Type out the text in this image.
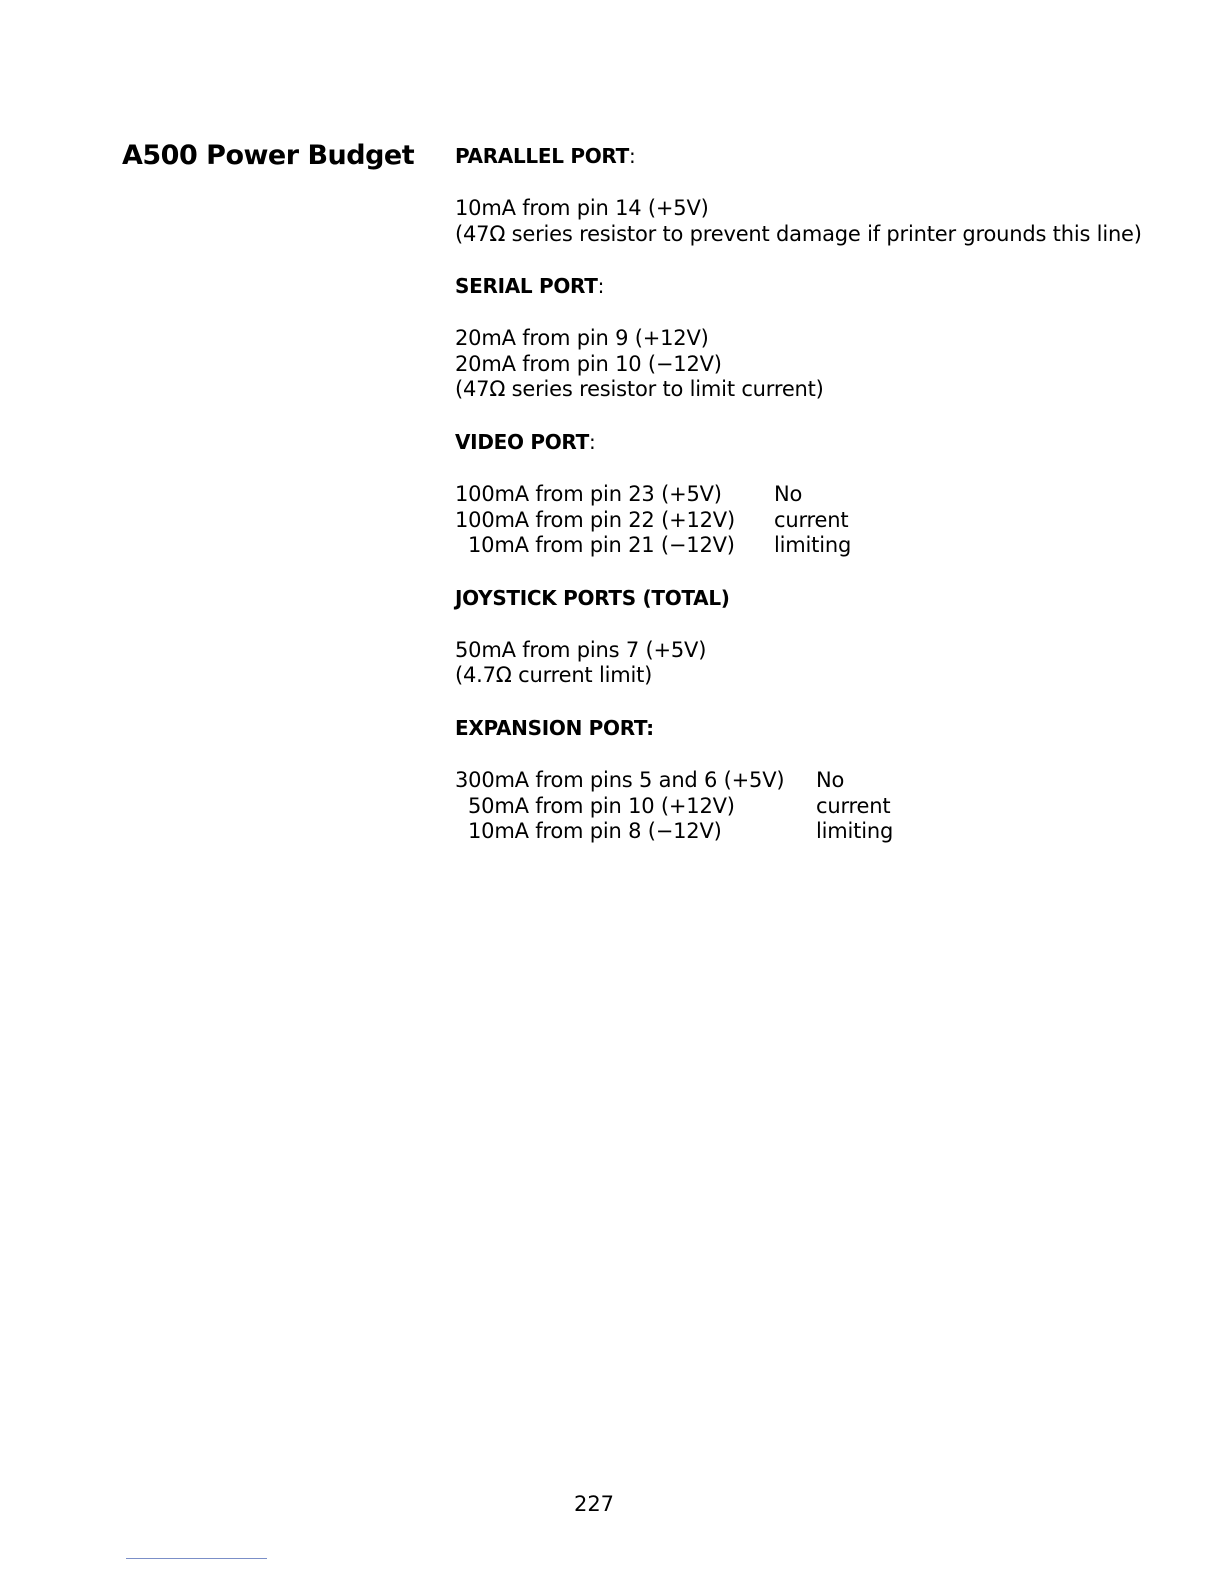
A500 Power Budget PARALLEL PORT:
10mA from pin 14 (+5V)
(47Ω series resistor to prevent damage if printer grounds this line)
SERIAL PORT:
20mA from pin 9 (+12V)
20mA from pin 10 (−12V)
(47Ω series resistor to limit current)
VIDEO PORT:

100mA from pin 23 (+5V)

No

100mA from pin 22 (+12V)

current

10mA from pin 21 (−12V)

limiting

JOYSTICK PORTS (TOTAL)
50mA from pins 7 (+5V)
(4.7Ω current limit)
EXPANSION PORT:

300mA from pins 5 and 6 (+5V)

No

50mA from pin 10 (+12V)

	current

10mA from pin 8 (−12V)

	limiting

227
